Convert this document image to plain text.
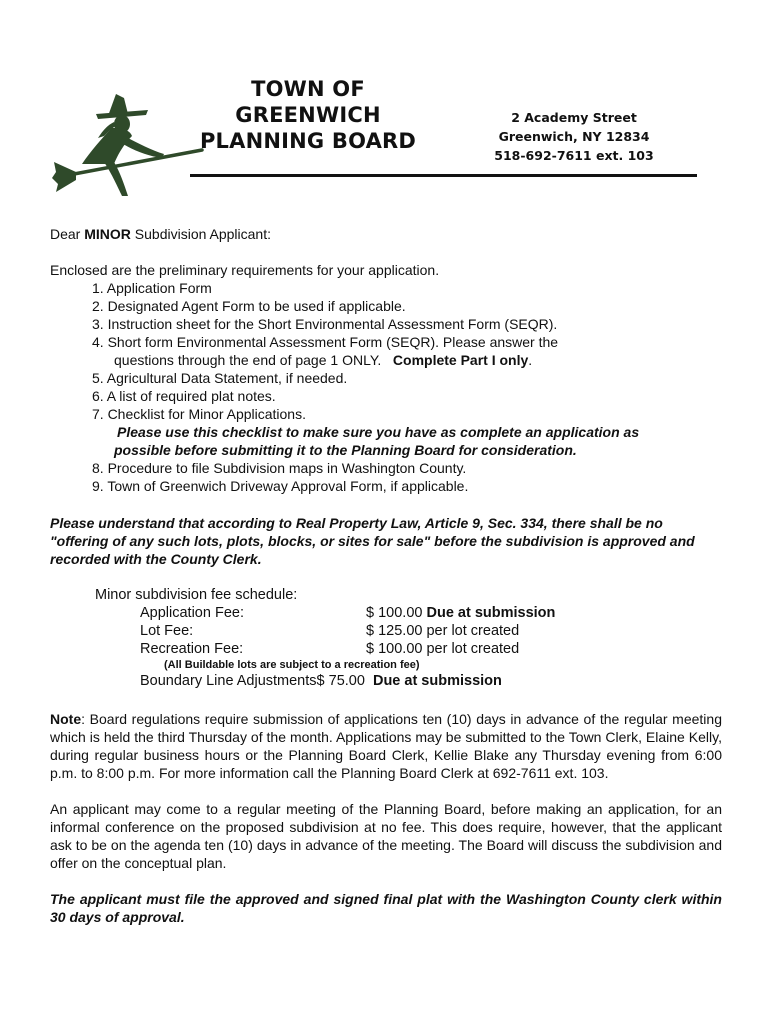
TOWN OF
GREENWICH
PLANNING BOARD
2 Academy Street
Greenwich, NY 12834
518-692-7611 ext. 103

Dear MINOR Subdivision Applicant:

Enclosed are the preliminary requirements for your application.

1. Application Form
2. Designated Agent Form to be used if applicable.
3. Instruction sheet for the Short Environmental Assessment Form (SEQR).
4. Short form Environmental Assessment Form (SEQR). Please answer the
questions through the end of page 1 ONLY.   Complete Part I only.
5. Agricultural Data Statement, if needed.
6. A list of required plat notes.
7. Checklist for Minor Applications.
Please use this checklist to make sure you have as complete an application as
possible before submitting it to the Planning Board for consideration.
8. Procedure to file Subdivision maps in Washington County.
9. Town of Greenwich Driveway Approval Form, if applicable.
Please understand that according to Real Property Law, Article 9, Sec. 334, there shall be no "offering of any such lots, plots, blocks, or sites for sale" before the subdivision is approved and recorded with the County Clerk.
Minor subdivision fee schedule:
Application Fee:	$ 100.00 Due at submission
Lot Fee:	$ 125.00 per lot created
Recreation Fee:	$ 100.00 per lot created
(All Buildable lots are subject to a recreation fee)
Boundary Line Adjustments $ 75.00  Due at submission

Note: Board regulations require submission of applications ten (10) days in advance of the regular meeting which is held the third Thursday of the month. Applications may be submitted to the Town Clerk, Elaine Kelly, during regular business hours or the Planning Board Clerk, Kellie Blake any Thursday evening from 6:00 p.m. to 8:00 p.m. For more information call the Planning Board Clerk at 692-7611 ext. 103.

An applicant may come to a regular meeting of the Planning Board, before making an application, for an informal conference on the proposed subdivision at no fee. This does require, however, that the applicant ask to be on the agenda ten (10) days in advance of the meeting. The Board will discuss the subdivision and offer on the conceptual plan.

The applicant must file the approved and signed final plat with the Washington County clerk within 30 days of approval.
